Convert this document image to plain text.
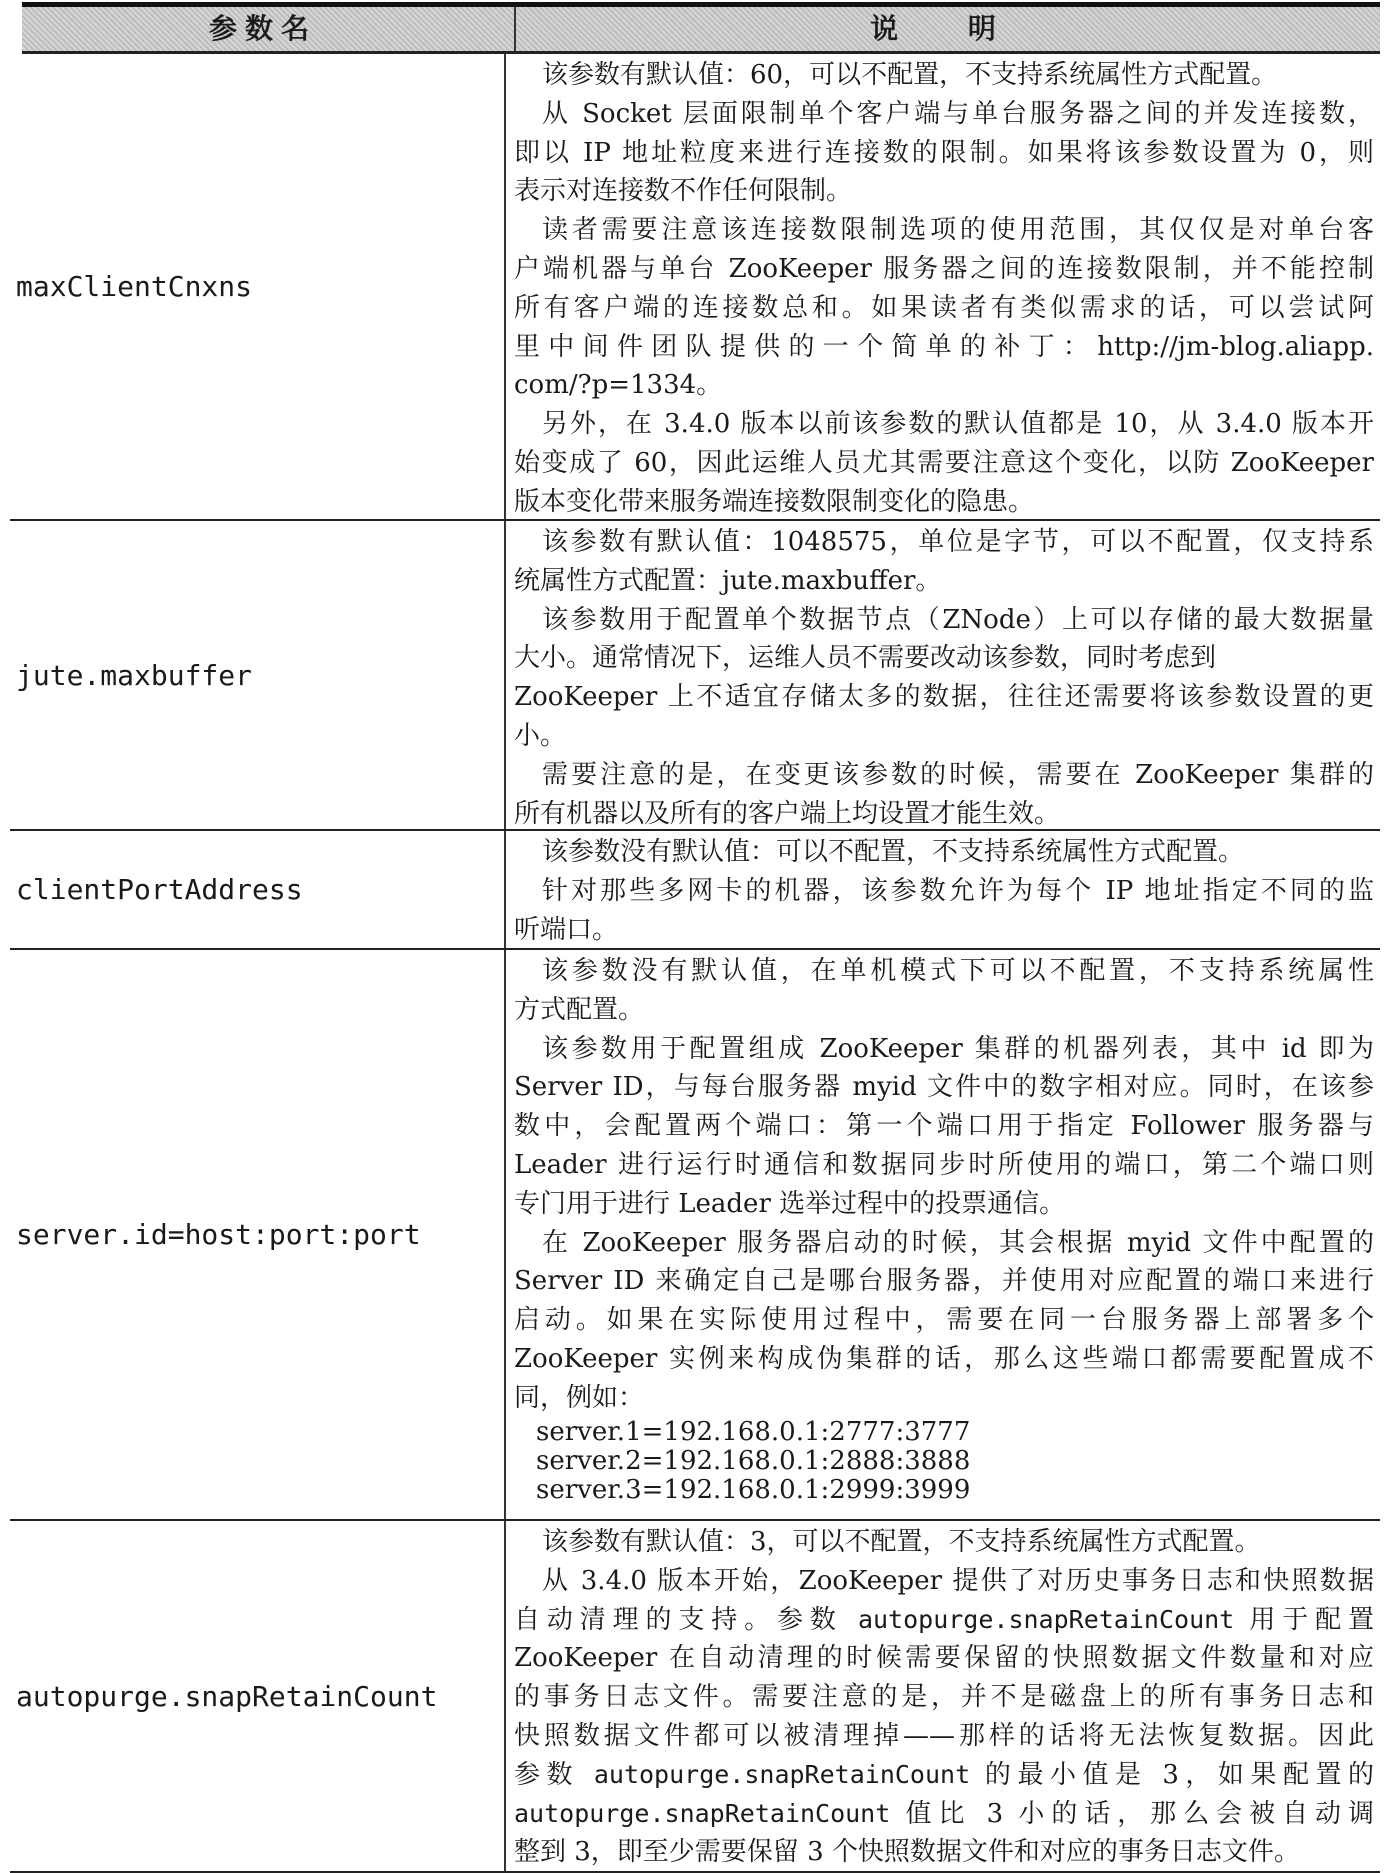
参数名	说 明
maxClientCnxns
该参数有默认值：60，可以不配置，不支持系统属性方式配置。
从 Socket 层面限制单个客户端与单台服务器之间的并发连接数，
即以 IP 地址粒度来进行连接数的限制。如果将该参数设置为 0，则
表示对连接数不作任何限制。
读者需要注意该连接数限制选项的使用范围，其仅仅是对单台客
户端机器与单台 ZooKeeper 服务器之间的连接数限制，并不能控制
所有客户端的连接数总和。如果读者有类似需求的话，可以尝试阿
里中间件团队提供的一个简单的补丁：http://jm-blog.aliapp.
com/?p=1334。
另外，在 3.4.0 版本以前该参数的默认值都是 10，从 3.4.0 版本开
始变成了 60，因此运维人员尤其需要注意这个变化，以防 ZooKeeper
版本变化带来服务端连接数限制变化的隐患。
jute.maxbuffer
该参数有默认值：1048575，单位是字节，可以不配置，仅支持系
统属性方式配置：jute.maxbuffer。
该参数用于配置单个数据节点（ZNode）上可以存储的最大数据量
大小。通常情况下，运维人员不需要改动该参数，同时考虑到
ZooKeeper 上不适宜存储太多的数据，往往还需要将该参数设置的更
小。
需要注意的是，在变更该参数的时候，需要在 ZooKeeper 集群的
所有机器以及所有的客户端上均设置才能生效。
clientPortAddress
该参数没有默认值：可以不配置，不支持系统属性方式配置。
针对那些多网卡的机器，该参数允许为每个 IP 地址指定不同的监
听端口。
server.id=host:port:port
该参数没有默认值，在单机模式下可以不配置，不支持系统属性
方式配置。
该参数用于配置组成 ZooKeeper 集群的机器列表，其中 id 即为
Server ID，与每台服务器 myid 文件中的数字相对应。同时，在该参
数中，会配置两个端口：第一个端口用于指定 Follower 服务器与
Leader 进行运行时通信和数据同步时所使用的端口，第二个端口则
专门用于进行 Leader 选举过程中的投票通信。
在 ZooKeeper 服务器启动的时候，其会根据 myid 文件中配置的
Server ID 来确定自己是哪台服务器，并使用对应配置的端口来进行
启动。如果在实际使用过程中，需要在同一台服务器上部署多个
ZooKeeper 实例来构成伪集群的话，那么这些端口都需要配置成不
同，例如：
server.1=192.168.0.1:2777:3777
server.2=192.168.0.1:2888:3888
server.3=192.168.0.1:2999:3999
autopurge.snapRetainCount
该参数有默认值：3，可以不配置，不支持系统属性方式配置。
从 3.4.0 版本开始，ZooKeeper 提供了对历史事务日志和快照数据
自动清理的支持。参数 autopurge.snapRetainCount 用于配置
ZooKeeper 在自动清理的时候需要保留的快照数据文件数量和对应
的事务日志文件。需要注意的是，并不是磁盘上的所有事务日志和
快照数据文件都可以被清理掉——那样的话将无法恢复数据。因此
参数 autopurge.snapRetainCount 的最小值是 3，如果配置的
autopurge.snapRetainCount 值比 3 小的话，那么会被自动调
整到 3，即至少需要保留 3 个快照数据文件和对应的事务日志文件。
